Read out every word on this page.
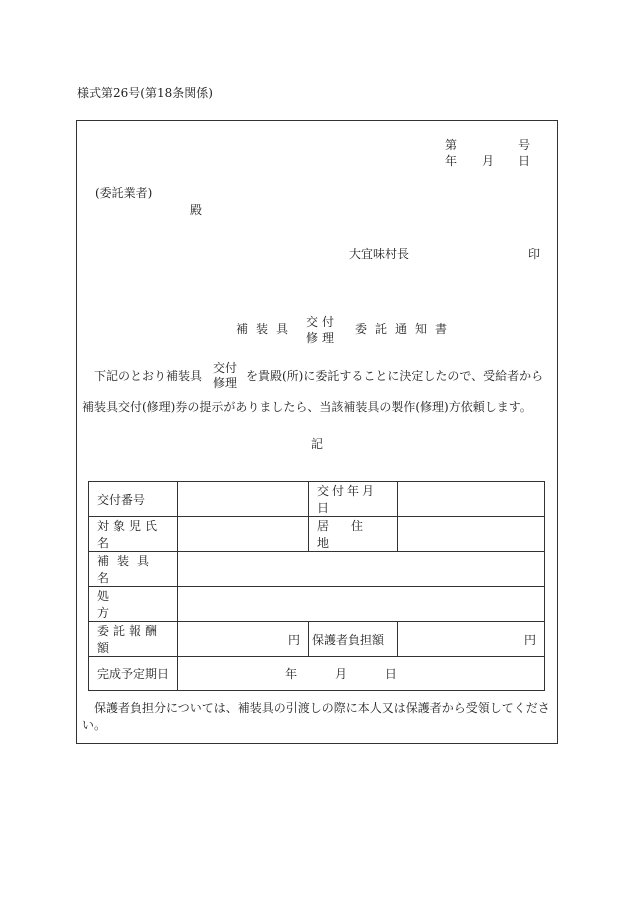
様式第26号(第18条関係)
第	号
年 月 日
(委託業者)
殿
大宜味村長	印
補装具 交付
修理
委託通知書
下記のとおり補装具
交付
修理 を貴殿(所)に委託することに決定したので、受給者から
補装具交付(修理)券の提示がありましたら、当該補装具の製作(修理)方依頼します。
記
交付番号		交付年月日	
対象児氏名		居住地	
補装具名			
処方			
委託報酬額	円	保護者負担額	円
完成予定期日	年 月 日		
保護者負担分については、補装具の引渡しの際に本人又は保護者から受領してください。
